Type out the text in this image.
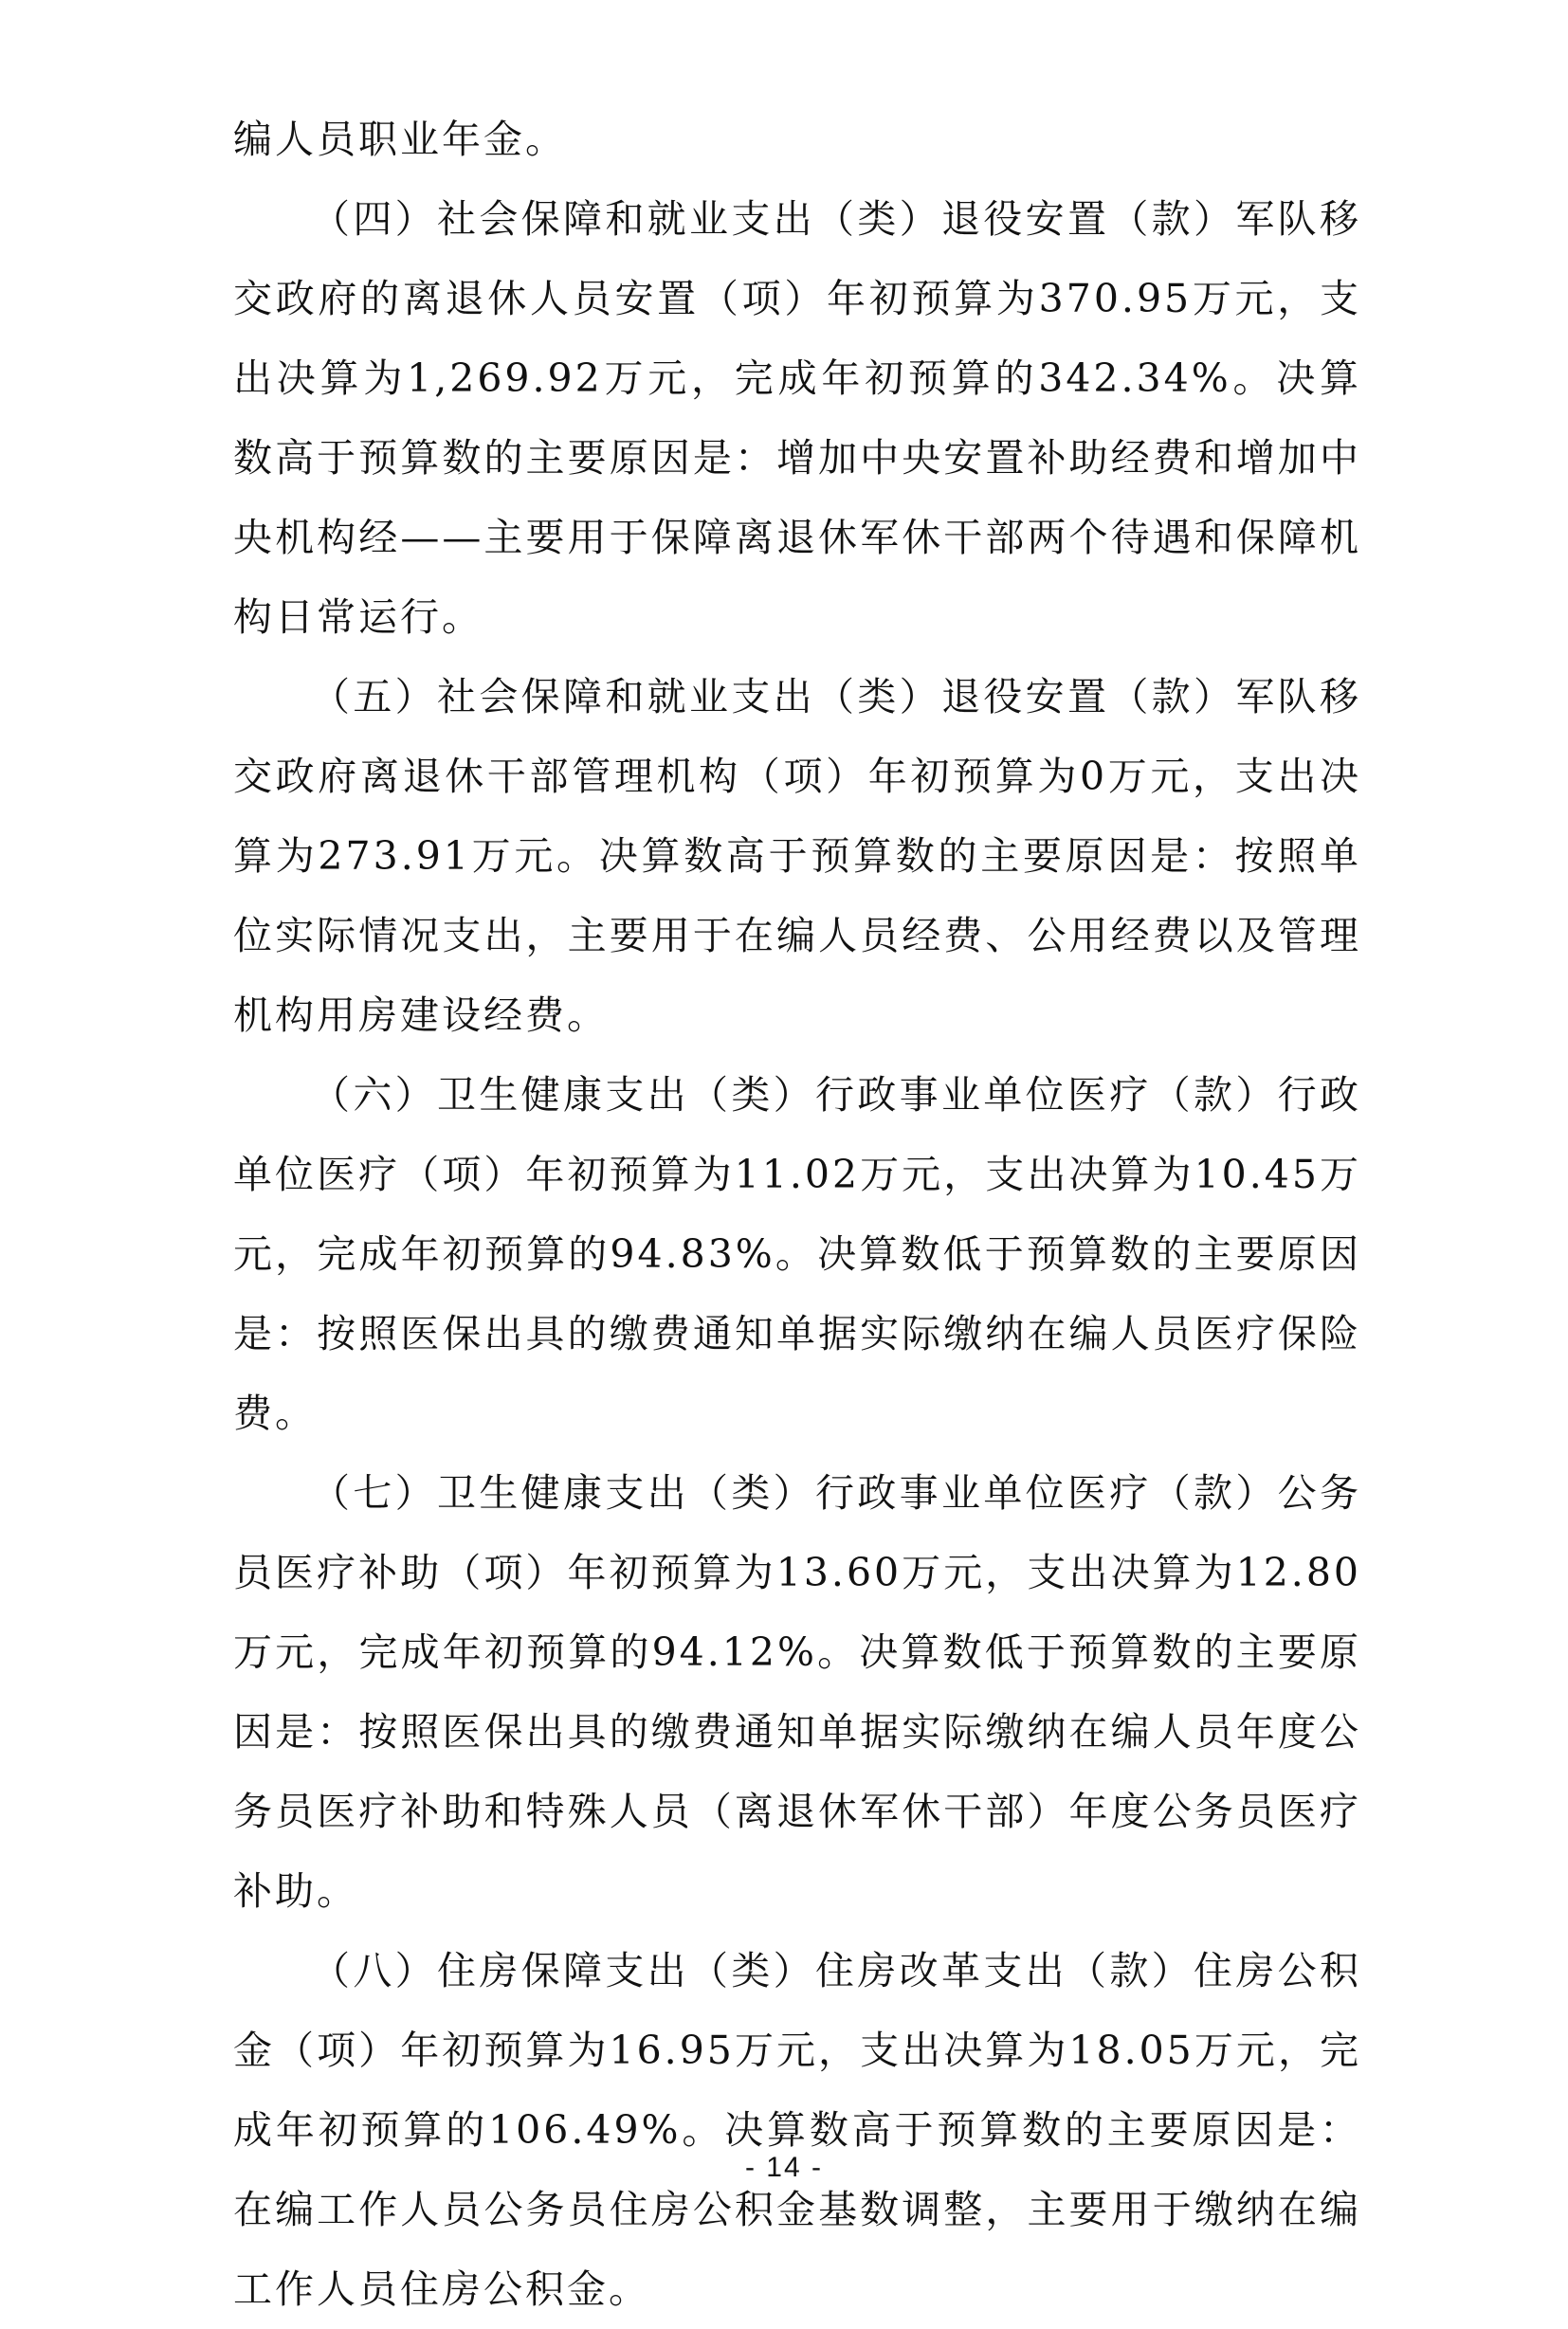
编人员职业年金。

（四）社会保障和就业支出（类）退役安置（款）军队移交政府的离退休人员安置（项）年初预算为370.95万元，支出决算为1,269.92万元，完成年初预算的342.34%。决算数高于预算数的主要原因是：增加中央安置补助经费和增加中央机构经——主要用于保障离退休军休干部两个待遇和保障机构日常运行。

（五）社会保障和就业支出（类）退役安置（款）军队移交政府离退休干部管理机构（项）年初预算为0万元，支出决算为273.91万元。决算数高于预算数的主要原因是：按照单位实际情况支出，主要用于在编人员经费、公用经费以及管理机构用房建设经费。

（六）卫生健康支出（类）行政事业单位医疗（款）行政单位医疗（项）年初预算为11.02万元，支出决算为10.45万元，完成年初预算的94.83%。决算数低于预算数的主要原因是：按照医保出具的缴费通知单据实际缴纳在编人员医疗保险费。

（七）卫生健康支出（类）行政事业单位医疗（款）公务员医疗补助（项）年初预算为13.60万元，支出决算为12.80万元，完成年初预算的94.12%。决算数低于预算数的主要原因是：按照医保出具的缴费通知单据实际缴纳在编人员年度公务员医疗补助和特殊人员（离退休军休干部）年度公务员医疗补助。

（八）住房保障支出（类）住房改革支出（款）住房公积金（项）年初预算为16.95万元，支出决算为18.05万元，完成年初预算的106.49%。决算数高于预算数的主要原因是：在编工作人员公务员住房公积金基数调整，主要用于缴纳在编工作人员住房公积金。

- 14 -
